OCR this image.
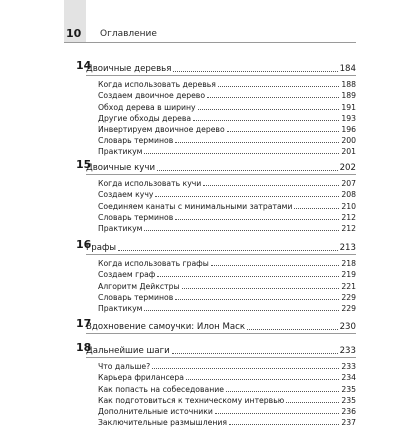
10 Оглавление
14
Двоичные деревья	184
Когда использовать деревья	188
Создаем двоичное дерево	189
Обход дерева в ширину	191
Другие обходы дерева	193
Инвертируем двоичное дерево	196
Словарь терминов	200
Практикум	201
15
Двоичные кучи	202
Когда использовать кучи	207
Создаем кучу	208
Соединяем канаты с минимальными затратами	210
Словарь терминов	212
Практикум	212
16
Графы	213
Когда использовать графы	218
Создаем граф	219
Алгоритм Дейкстры	221
Словарь терминов	229
Практикум	229
17
Вдохновение самоучки: Илон Маск	230
18
Дальнейшие шаги	233
Что дальше?	233
Карьера фрилансера	234
Как попасть на собеседование	235
Как подготовиться к техническому интервью	235
Дополнительные источники	236
Заключительные размышления	237
